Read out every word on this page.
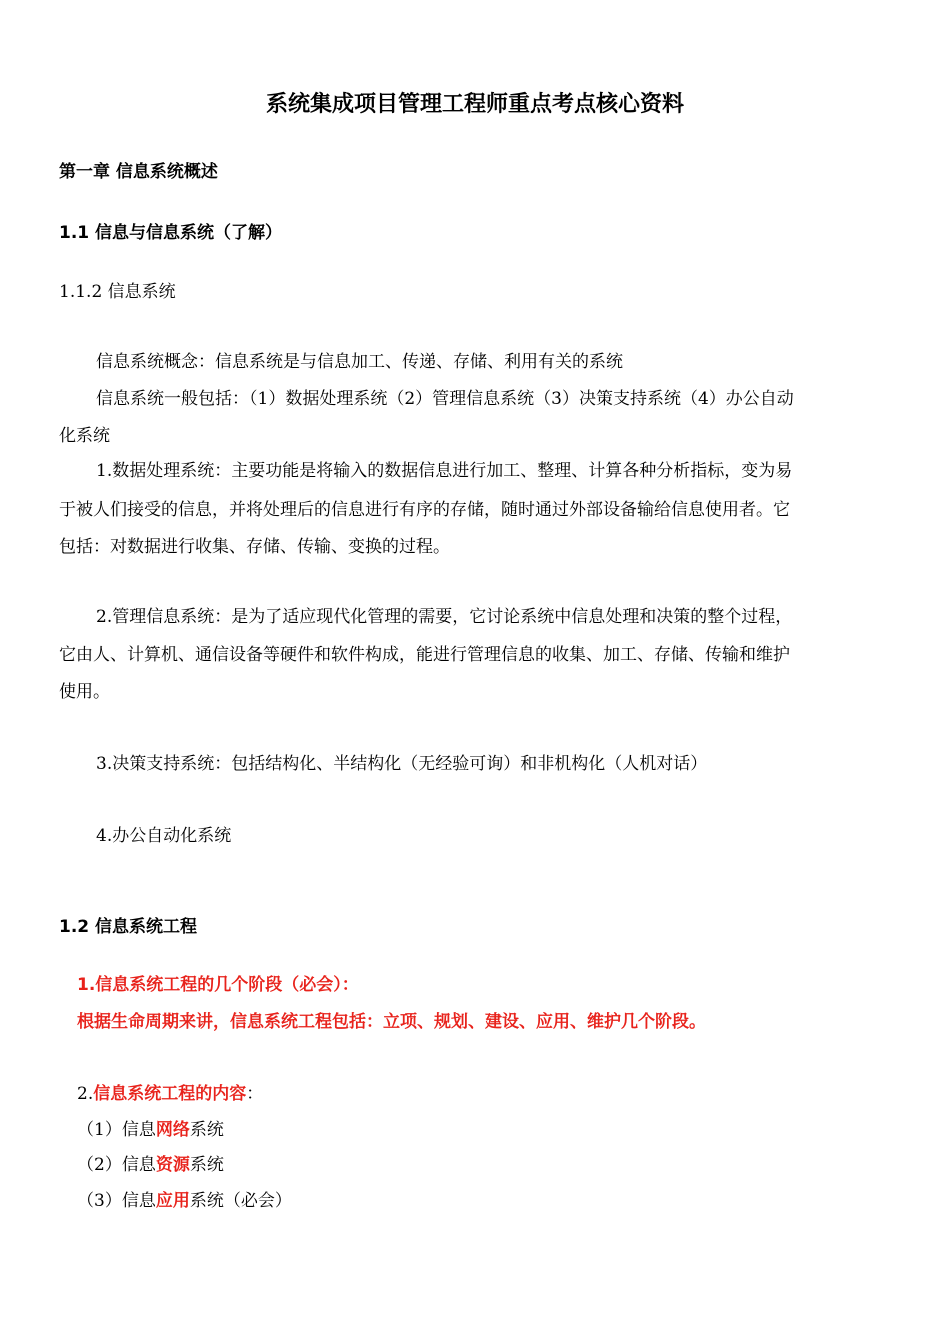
系统集成项目管理工程师重点考点核心资料
第一章 信息系统概述
1.1 信息与信息系统（了解）
1.1.2 信息系统
信息系统概念：信息系统是与信息加工、传递、存储、利用有关的系统
信息系统一般包括：（1）数据处理系统（2）管理信息系统（3）决策支持系统（4）办公自动
化系统
1.数据处理系统：主要功能是将输入的数据信息进行加工、整理、计算各种分析指标，变为易
于被人们接受的信息，并将处理后的信息进行有序的存储，随时通过外部设备输给信息使用者。它
包括：对数据进行收集、存储、传输、变换的过程。
2.管理信息系统：是为了适应现代化管理的需要，它讨论系统中信息处理和决策的整个过程，
它由人、计算机、通信设备等硬件和软件构成，能进行管理信息的收集、加工、存储、传输和维护
使用。
3.决策支持系统：包括结构化、半结构化（无经验可询）和非机构化（人机对话）
4.办公自动化系统
1.2 信息系统工程
1.信息系统工程的几个阶段（必会）：
根据生命周期来讲，信息系统工程包括：立项、规划、建设、应用、维护几个阶段。
2.信息系统工程的内容：
（1）信息网络系统
（2）信息资源系统
（3）信息应用系统（必会）
